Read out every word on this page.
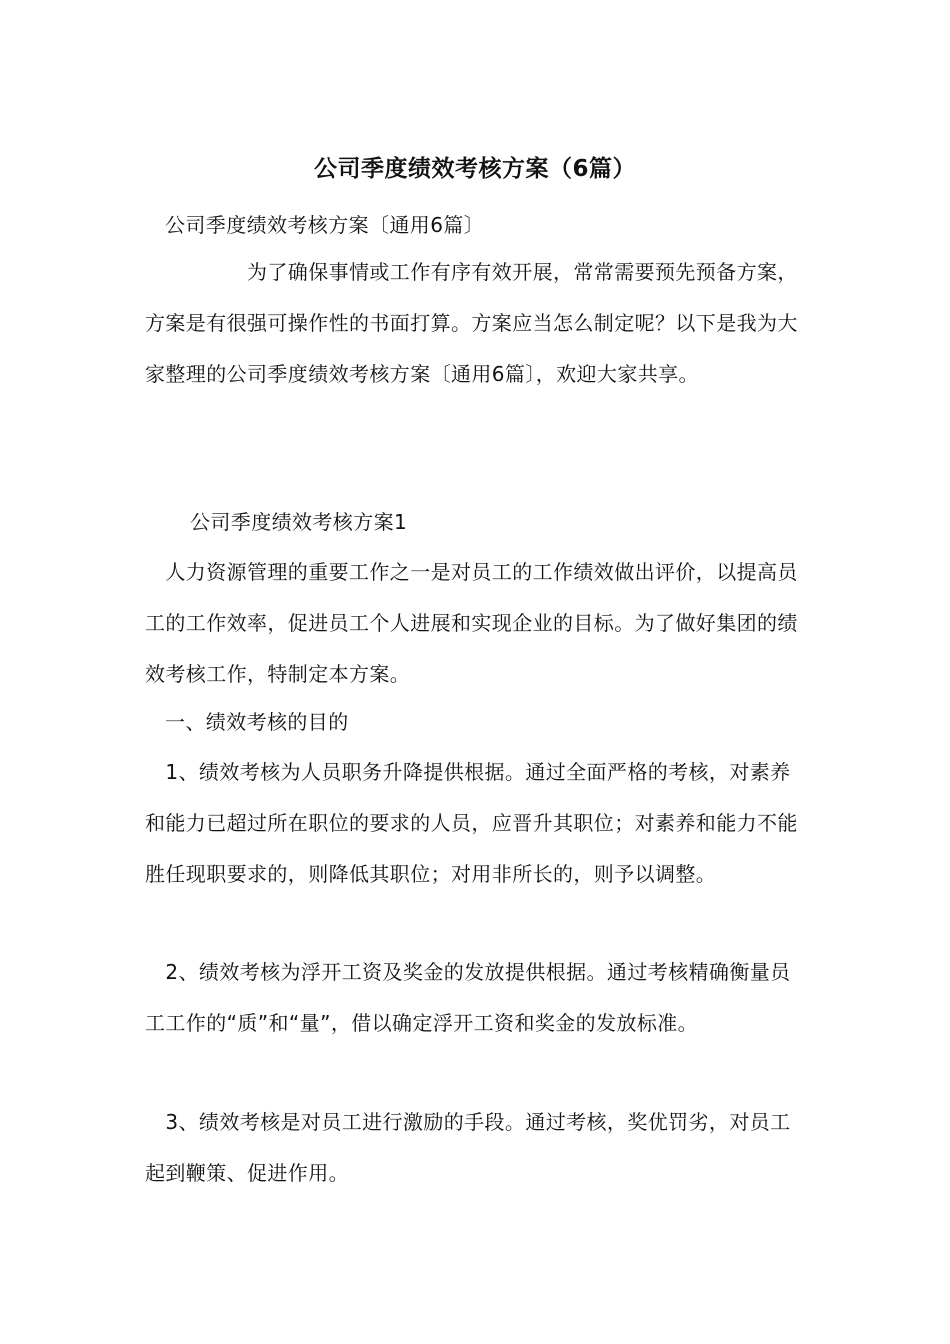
公司季度绩效考核方案（6篇）

公司季度绩效考核方案〔通用6篇〕

　　　　　为了确保事情或工作有序有效开展，常常需要预先预备方案，方案是有很强可操作性的书面打算。方案应当怎么制定呢？以下是我为大家整理的公司季度绩效考核方案〔通用6篇〕，欢迎大家共享。

公司季度绩效考核方案1

　人力资源管理的重要工作之一是对员工的工作绩效做出评价，以提高员工的工作效率，促进员工个人进展和实现企业的目标。为了做好集团的绩效考核工作，特制定本方案。

一、绩效考核的目的

　1、绩效考核为人员职务升降提供根据。通过全面严格的考核，对素养和能力已超过所在职位的要求的人员，应晋升其职位；对素养和能力不能胜任现职要求的，则降低其职位；对用非所长的，则予以调整。

　2、绩效考核为浮开工资及奖金的发放提供根据。通过考核精确衡量员工工作的“质”和“量”，借以确定浮开工资和奖金的发放标准。

　3、绩效考核是对员工进行激励的手段。通过考核，奖优罚劣，对员工起到鞭策、促进作用。
